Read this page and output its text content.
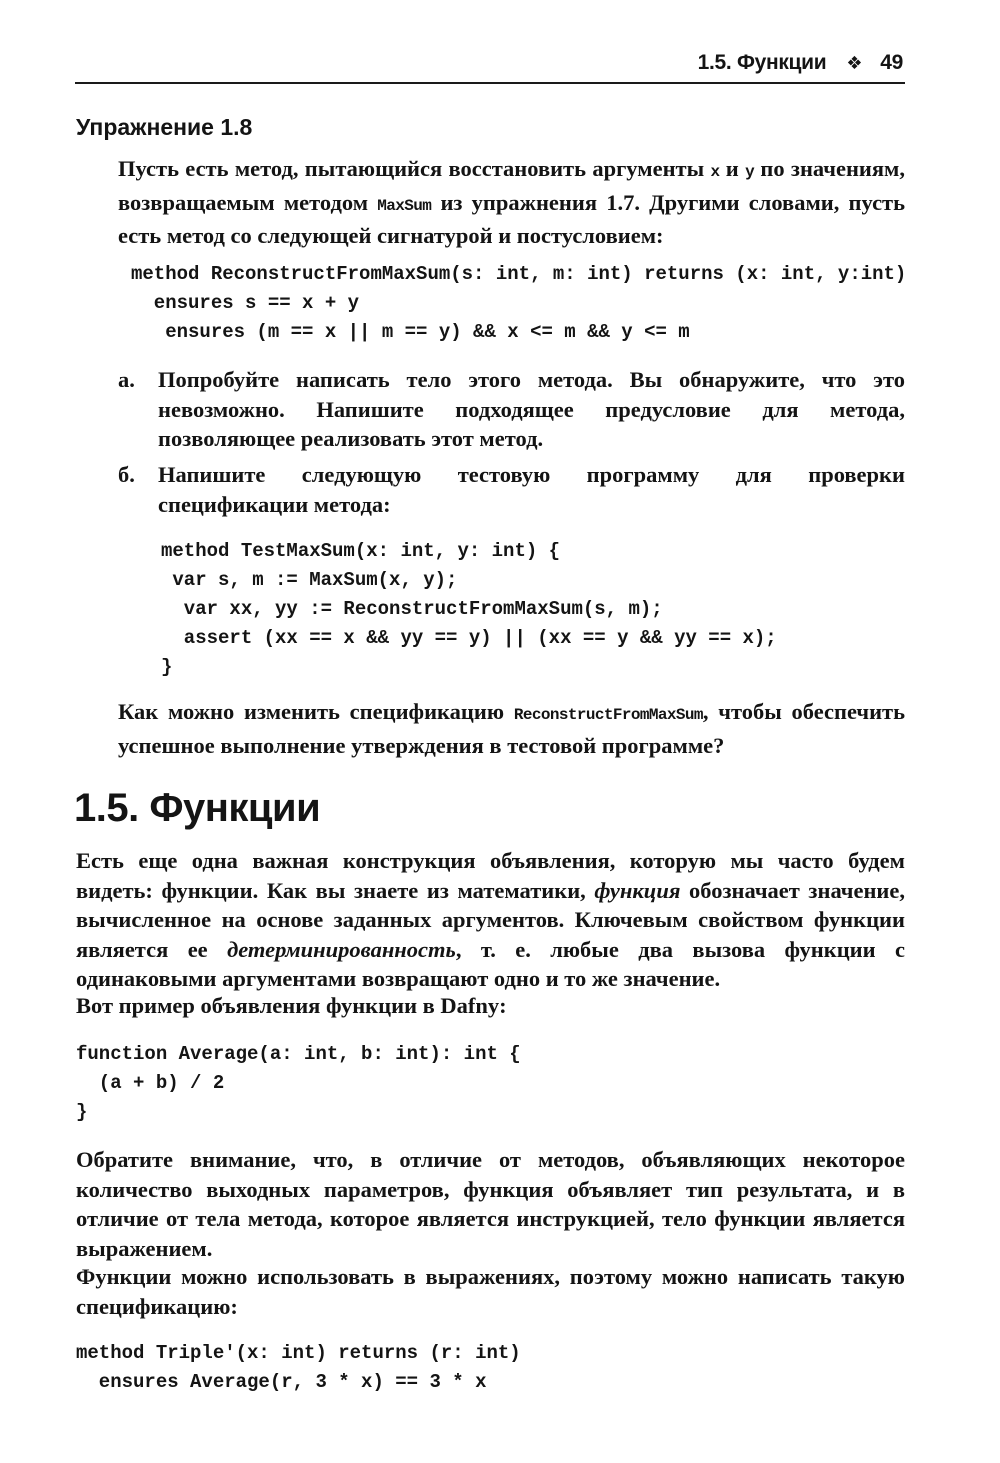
1.5. Функции ❖ 49
Упражнение 1.8

Пусть есть метод, пытающийся восстановить аргументы x и y по значениям, возвращаемым методом MaxSum из упражнения 1.7. Другими словами, пусть есть метод со следующей сигнатурой и постусловием:

method ReconstructFromMaxSum(s: int, m: int) returns (x: int, y:int)
ensures s == x + y
ensures (m == x || m == y) && x <= m && y <= m
а. Попробуйте написать тело этого метода. Вы обнаружите, что это невозможно. Напишите подходящее предусловие для метода, позволяющее реализовать этот метод.

б. Напишите следующую тестовую программу для проверки спецификации метода:

method TestMaxSum(x: int, y: int) {
var s, m := MaxSum(x, y);
var xx, yy := ReconstructFromMaxSum(s, m);
assert (xx == x && yy == y) || (xx == y && yy == x);
}

Как можно изменить спецификацию ReconstructFromMaxSum, чтобы обеспечить успешное выполнение утверждения в тестовой программе?

1.5. Функции

Есть еще одна важная конструкция объявления, которую мы часто будем видеть: функции. Как вы знаете из математики, функция обозначает значение, вычисленное на основе заданных аргументов. Ключевым свойством функции является ее детерминированность, т. е. любые два вызова функции с одинаковыми аргументами возвращают одно и то же значение.

Вот пример объявления функции в Dafny:

function Average(a: int, b: int): int {
(a + b) / 2
}

Обратите внимание, что, в отличие от методов, объявляющих некоторое количество выходных параметров, функция объявляет тип результата, и в отличие от тела метода, которое является инструкцией, тело функции является выражением.

Функции можно использовать в выражениях, поэтому можно написать такую спецификацию:

method Triple'(x: int) returns (r: int)
ensures Average(r, 3 * x) == 3 * x
